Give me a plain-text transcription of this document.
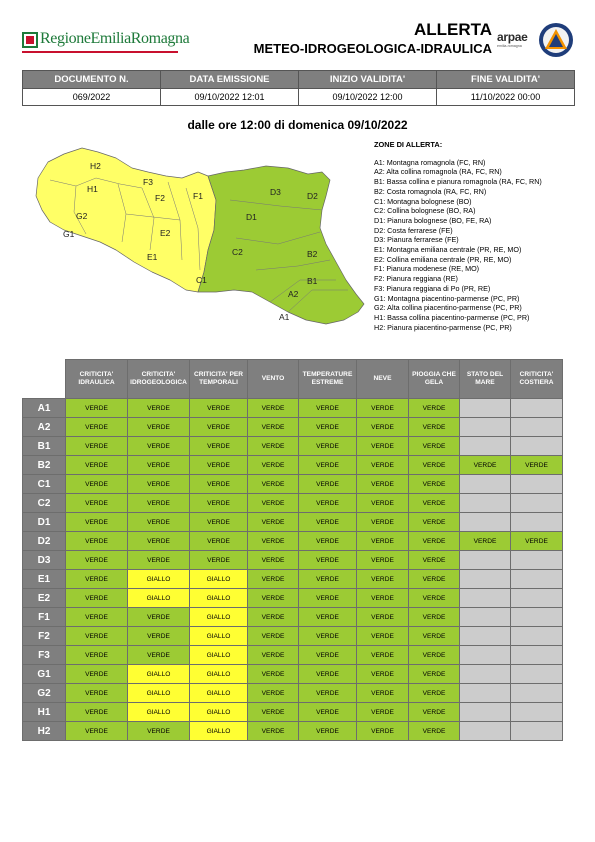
RegioneEmiliaRomagna	ALLERTA
METEO-IDROGEOLOGICA-IDRAULICA
arpae
emilia-romagna
DOCUMENTO N.	DATA EMISSIONE	INIZIO VALIDITA'	FINE VALIDITA'
069/2022	09/10/2022 12:01	09/10/2022 12:00	11/10/2022 00:00
dalle ore 12:00 di domenica 09/10/2022
H2
H1
F3
F2	F1
G2
G1	E2
E1	C2
C1
D1
D3	D2
B2
B1
A2
A1
ZONE DI ALLERTA:
A1: Montagna romagnola (FC, RN)
A2: Alta collina romagnola (RA, FC, RN)
B1: Bassa collina e pianura romagnola (RA, FC, RN)
B2: Costa romagnola (RA, FC, RN)
C1: Montagna bolognese (BO)
C2: Collina bolognese (BO, RA)
D1: Pianura bolognese (BO, FE, RA)
D2: Costa ferrarese (FE)
D3: Pianura ferrarese (FE)
E1: Montagna emiliana centrale (PR, RE, MO)
E2: Collina emiliana centrale (PR, RE, MO)
F1: Pianura modenese (RE, MO)
F2: Pianura reggiana (RE)
F3: Pianura reggiana di Po (PR, RE)
G1: Montagna piacentino-parmense (PC, PR)
G2: Alta collina piacentino-parmense (PC, PR)
H1: Bassa collina piacentino-parmense (PC, PR)
H2: Pianura piacentino-parmense (PC, PR)
	CRITICITA' IDRAULICA	CRITICITA' IDROGEOLOGICA	CRITICITA' PER TEMPORALI	VENTO	TEMPERATURE ESTREME	NEVE	PIOGGIA CHE GELA	STATO DEL MARE	CRITICITA' COSTIERA
A1	VERDE	VERDE	VERDE	VERDE	VERDE	VERDE	VERDE		
A2	VERDE	VERDE	VERDE	VERDE	VERDE	VERDE	VERDE		
B1	VERDE	VERDE	VERDE	VERDE	VERDE	VERDE	VERDE		
B2	VERDE	VERDE	VERDE	VERDE	VERDE	VERDE	VERDE	VERDE	VERDE
C1	VERDE	VERDE	VERDE	VERDE	VERDE	VERDE	VERDE		
C2	VERDE	VERDE	VERDE	VERDE	VERDE	VERDE	VERDE		
D1	VERDE	VERDE	VERDE	VERDE	VERDE	VERDE	VERDE		
D2	VERDE	VERDE	VERDE	VERDE	VERDE	VERDE	VERDE	VERDE	VERDE
D3	VERDE	VERDE	VERDE	VERDE	VERDE	VERDE	VERDE		
E1	VERDE	GIALLO	GIALLO	VERDE	VERDE	VERDE	VERDE		
E2	VERDE	GIALLO	GIALLO	VERDE	VERDE	VERDE	VERDE		
F1	VERDE	VERDE	GIALLO	VERDE	VERDE	VERDE	VERDE		
F2	VERDE	VERDE	GIALLO	VERDE	VERDE	VERDE	VERDE		
F3	VERDE	VERDE	GIALLO	VERDE	VERDE	VERDE	VERDE		
G1	VERDE	GIALLO	GIALLO	VERDE	VERDE	VERDE	VERDE		
G2	VERDE	GIALLO	GIALLO	VERDE	VERDE	VERDE	VERDE		
H1	VERDE	GIALLO	GIALLO	VERDE	VERDE	VERDE	VERDE		
H2	VERDE	VERDE	GIALLO	VERDE	VERDE	VERDE	VERDE		
